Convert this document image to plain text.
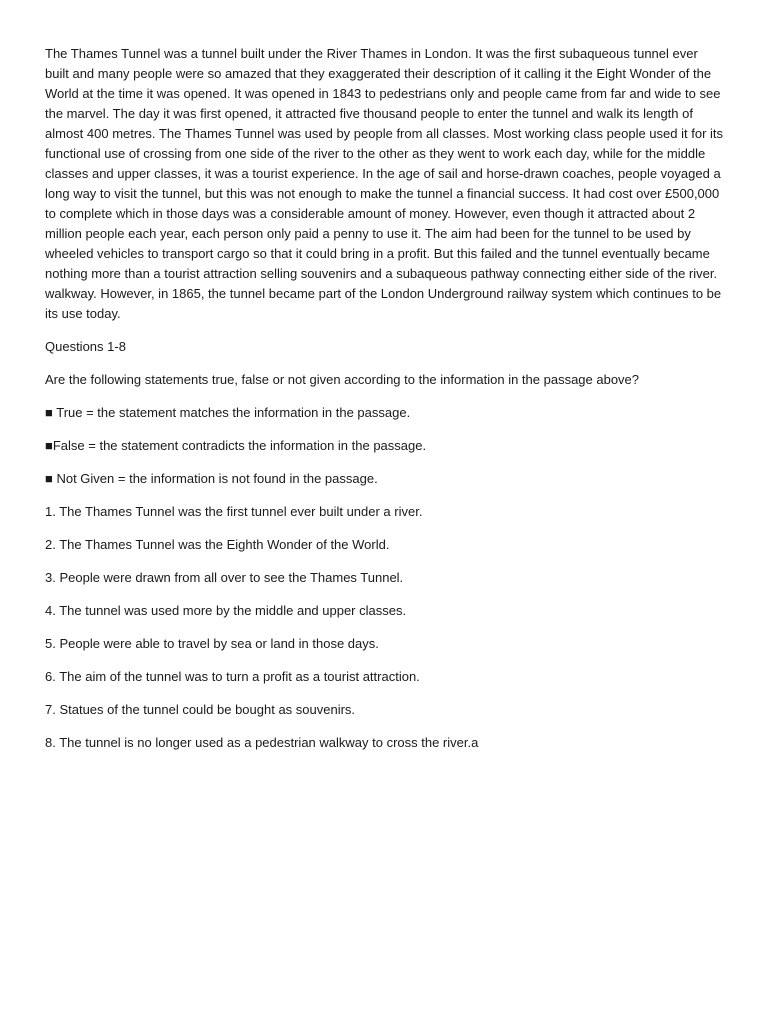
The Thames Tunnel was a tunnel built under the River Thames in London. It was the first subaqueous tunnel ever built and many people were so amazed that they exaggerated their description of it calling it the Eight Wonder of the World at the time it was opened. It was opened in 1843 to pedestrians only and people came from far and wide to see the marvel. The day it was first opened, it attracted five thousand people to enter the tunnel and walk its length of almost 400 metres. The Thames Tunnel was used by people from all classes. Most working class people used it for its functional use of crossing from one side of the river to the other as they went to work each day, while for the middle classes and upper classes, it was a tourist experience. In the age of sail and horse-drawn coaches, people voyaged a long way to visit the tunnel, but this was not enough to make the tunnel a financial success. It had cost over £500,000 to complete which in those days was a considerable amount of money. However, even though it attracted about 2 million people each year, each person only paid a penny to use it. The aim had been for the tunnel to be used by wheeled vehicles to transport cargo so that it could bring in a profit. But this failed and the tunnel eventually became nothing more than a tourist attraction selling souvenirs and a subaqueous pathway connecting either side of the river. walkway. However, in 1865, the tunnel became part of the London Underground railway system which continues to be its use today.

Questions 1-8

Are the following statements true, false or not given according to the information in the passage above?

■ True = the statement matches the information in the passage.

■False = the statement contradicts the information in the passage.

■ Not Given = the information is not found in the passage.

1. The Thames Tunnel was the first tunnel ever built under a river.
2. The Thames Tunnel was the Eighth Wonder of the World.
3. People were drawn from all over to see the Thames Tunnel.
4. The tunnel was used more by the middle and upper classes.
5. People were able to travel by sea or land in those days.
6. The aim of the tunnel was to turn a profit as a tourist attraction.
7. Statues of the tunnel could be bought as souvenirs.
8. The tunnel is no longer used as a pedestrian walkway to cross the river.a
